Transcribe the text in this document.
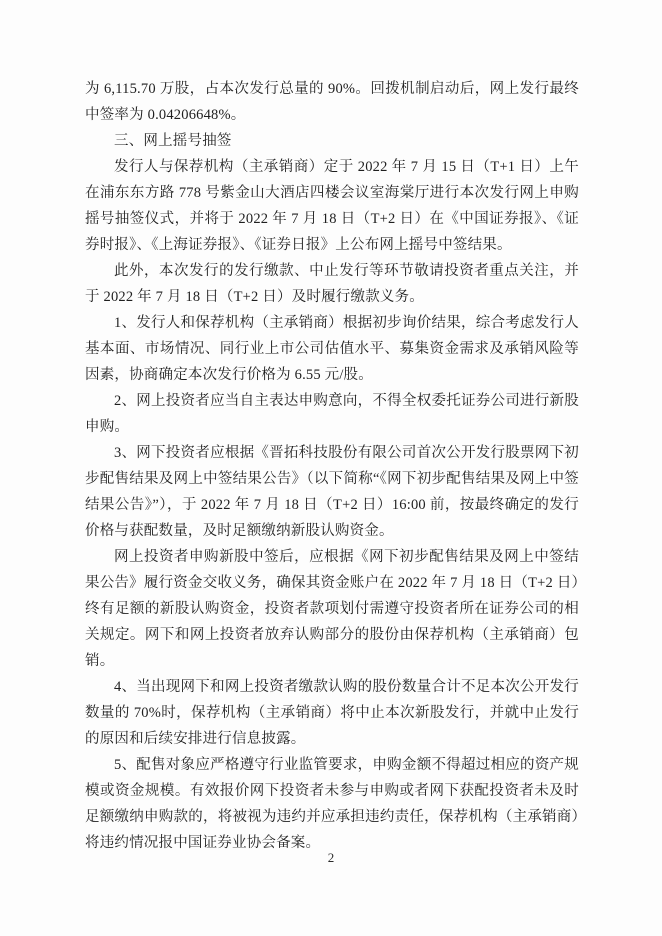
为 6,115.70 万股，占本次发行总量的 90%。回拨机制启动后，网上发行最终中签率为 0.04206648%。

三、网上摇号抽签

发行人与保荐机构（主承销商）定于 2022 年 7 月 15 日（T+1 日）上午在浦东东方路 778 号紫金山大酒店四楼会议室海棠厅进行本次发行网上申购摇号抽签仪式，并将于 2022 年 7 月 18 日（T+2 日）在《中国证券报》、《证券时报》、《上海证券报》、《证券日报》上公布网上摇号中签结果。

此外，本次发行的发行缴款、中止发行等环节敬请投资者重点关注，并于 2022 年 7 月 18 日（T+2 日）及时履行缴款义务。

1、发行人和保荐机构（主承销商）根据初步询价结果，综合考虑发行人基本面、市场情况、同行业上市公司估值水平、募集资金需求及承销风险等因素，协商确定本次发行价格为 6.55 元/股。

2、网上投资者应当自主表达申购意向，不得全权委托证券公司进行新股申购。

3、网下投资者应根据《晋拓科技股份有限公司首次公开发行股票网下初步配售结果及网上中签结果公告》（以下简称“《网下初步配售结果及网上中签结果公告》”），于 2022 年 7 月 18 日（T+2 日）16:00 前，按最终确定的发行价格与获配数量，及时足额缴纳新股认购资金。

网上投资者申购新股中签后，应根据《网下初步配售结果及网上中签结果公告》履行资金交收义务，确保其资金账户在 2022 年 7 月 18 日（T+2 日）终有足额的新股认购资金，投资者款项划付需遵守投资者所在证券公司的相关规定。网下和网上投资者放弃认购部分的股份由保荐机构（主承销商）包销。

4、当出现网下和网上投资者缴款认购的股份数量合计不足本次公开发行数量的 70%时，保荐机构（主承销商）将中止本次新股发行，并就中止发行的原因和后续安排进行信息披露。

5、配售对象应严格遵守行业监管要求，申购金额不得超过相应的资产规模或资金规模。有效报价网下投资者未参与申购或者网下获配投资者未及时足额缴纳申购款的，将被视为违约并应承担违约责任，保荐机构（主承销商）将违约情况报中国证券业协会备案。

2
